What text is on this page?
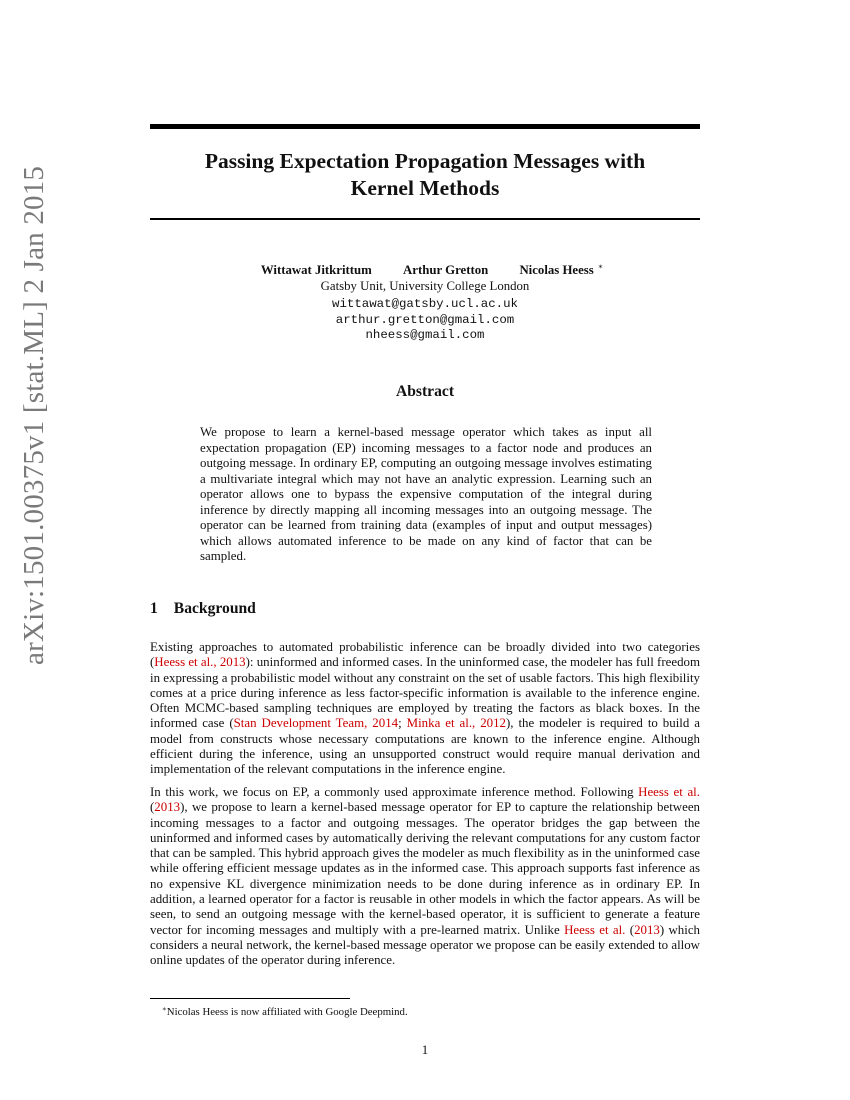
arXiv:1501.00375v1 [stat.ML] 2 Jan 2015
Passing Expectation Propagation Messages with
Kernel Methods
Wittawat Jitkrittum Arthur Gretton Nicolas Heess ∗
Gatsby Unit, University College London
wittawat@gatsby.ucl.ac.uk
arthur.gretton@gmail.com
nheess@gmail.com
Abstract

We propose to learn a kernel-based message operator which takes as input all expectation propagation (EP) incoming messages to a factor node and produces an outgoing message. In ordinary EP, computing an outgoing message involves estimating a multivariate integral which may not have an analytic expression. Learning such an operator allows one to bypass the expensive computation of the integral during inference by directly mapping all incoming messages into an outgoing message. The operator can be learned from training data (examples of input and output messages) which allows automated inference to be made on any kind of factor that can be sampled.

1 Background

Existing approaches to automated probabilistic inference can be broadly divided into two categories (Heess et al., 2013): uninformed and informed cases. In the uninformed case, the modeler has full freedom in expressing a probabilistic model without any constraint on the set of usable factors. This high flexibility comes at a price during inference as less factor-specific information is available to the inference engine. Often MCMC-based sampling techniques are employed by treating the factors as black boxes. In the informed case (Stan Development Team, 2014; Minka et al., 2012), the modeler is required to build a model from constructs whose necessary computations are known to the inference engine. Although efficient during the inference, using an unsupported construct would require manual derivation and implementation of the relevant computations in the inference engine.

In this work, we focus on EP, a commonly used approximate inference method. Following Heess et al. (2013), we propose to learn a kernel-based message operator for EP to capture the relationship between incoming messages to a factor and outgoing messages. The operator bridges the gap between the uninformed and informed cases by automatically deriving the relevant computations for any custom factor that can be sampled. This hybrid approach gives the modeler as much flexibility as in the uninformed case while offering efficient message updates as in the informed case. This approach supports fast inference as no expensive KL divergence minimization needs to be done during inference as in ordinary EP. In addition, a learned operator for a factor is reusable in other models in which the factor appears. As will be seen, to send an outgoing message with the kernel-based operator, it is sufficient to generate a feature vector for incoming messages and multiply with a pre-learned matrix. Unlike Heess et al. (2013) which considers a neural network, the kernel-based message operator we propose can be easily extended to allow online updates of the operator during inference.

∗Nicolas Heess is now affiliated with Google Deepmind.
1
